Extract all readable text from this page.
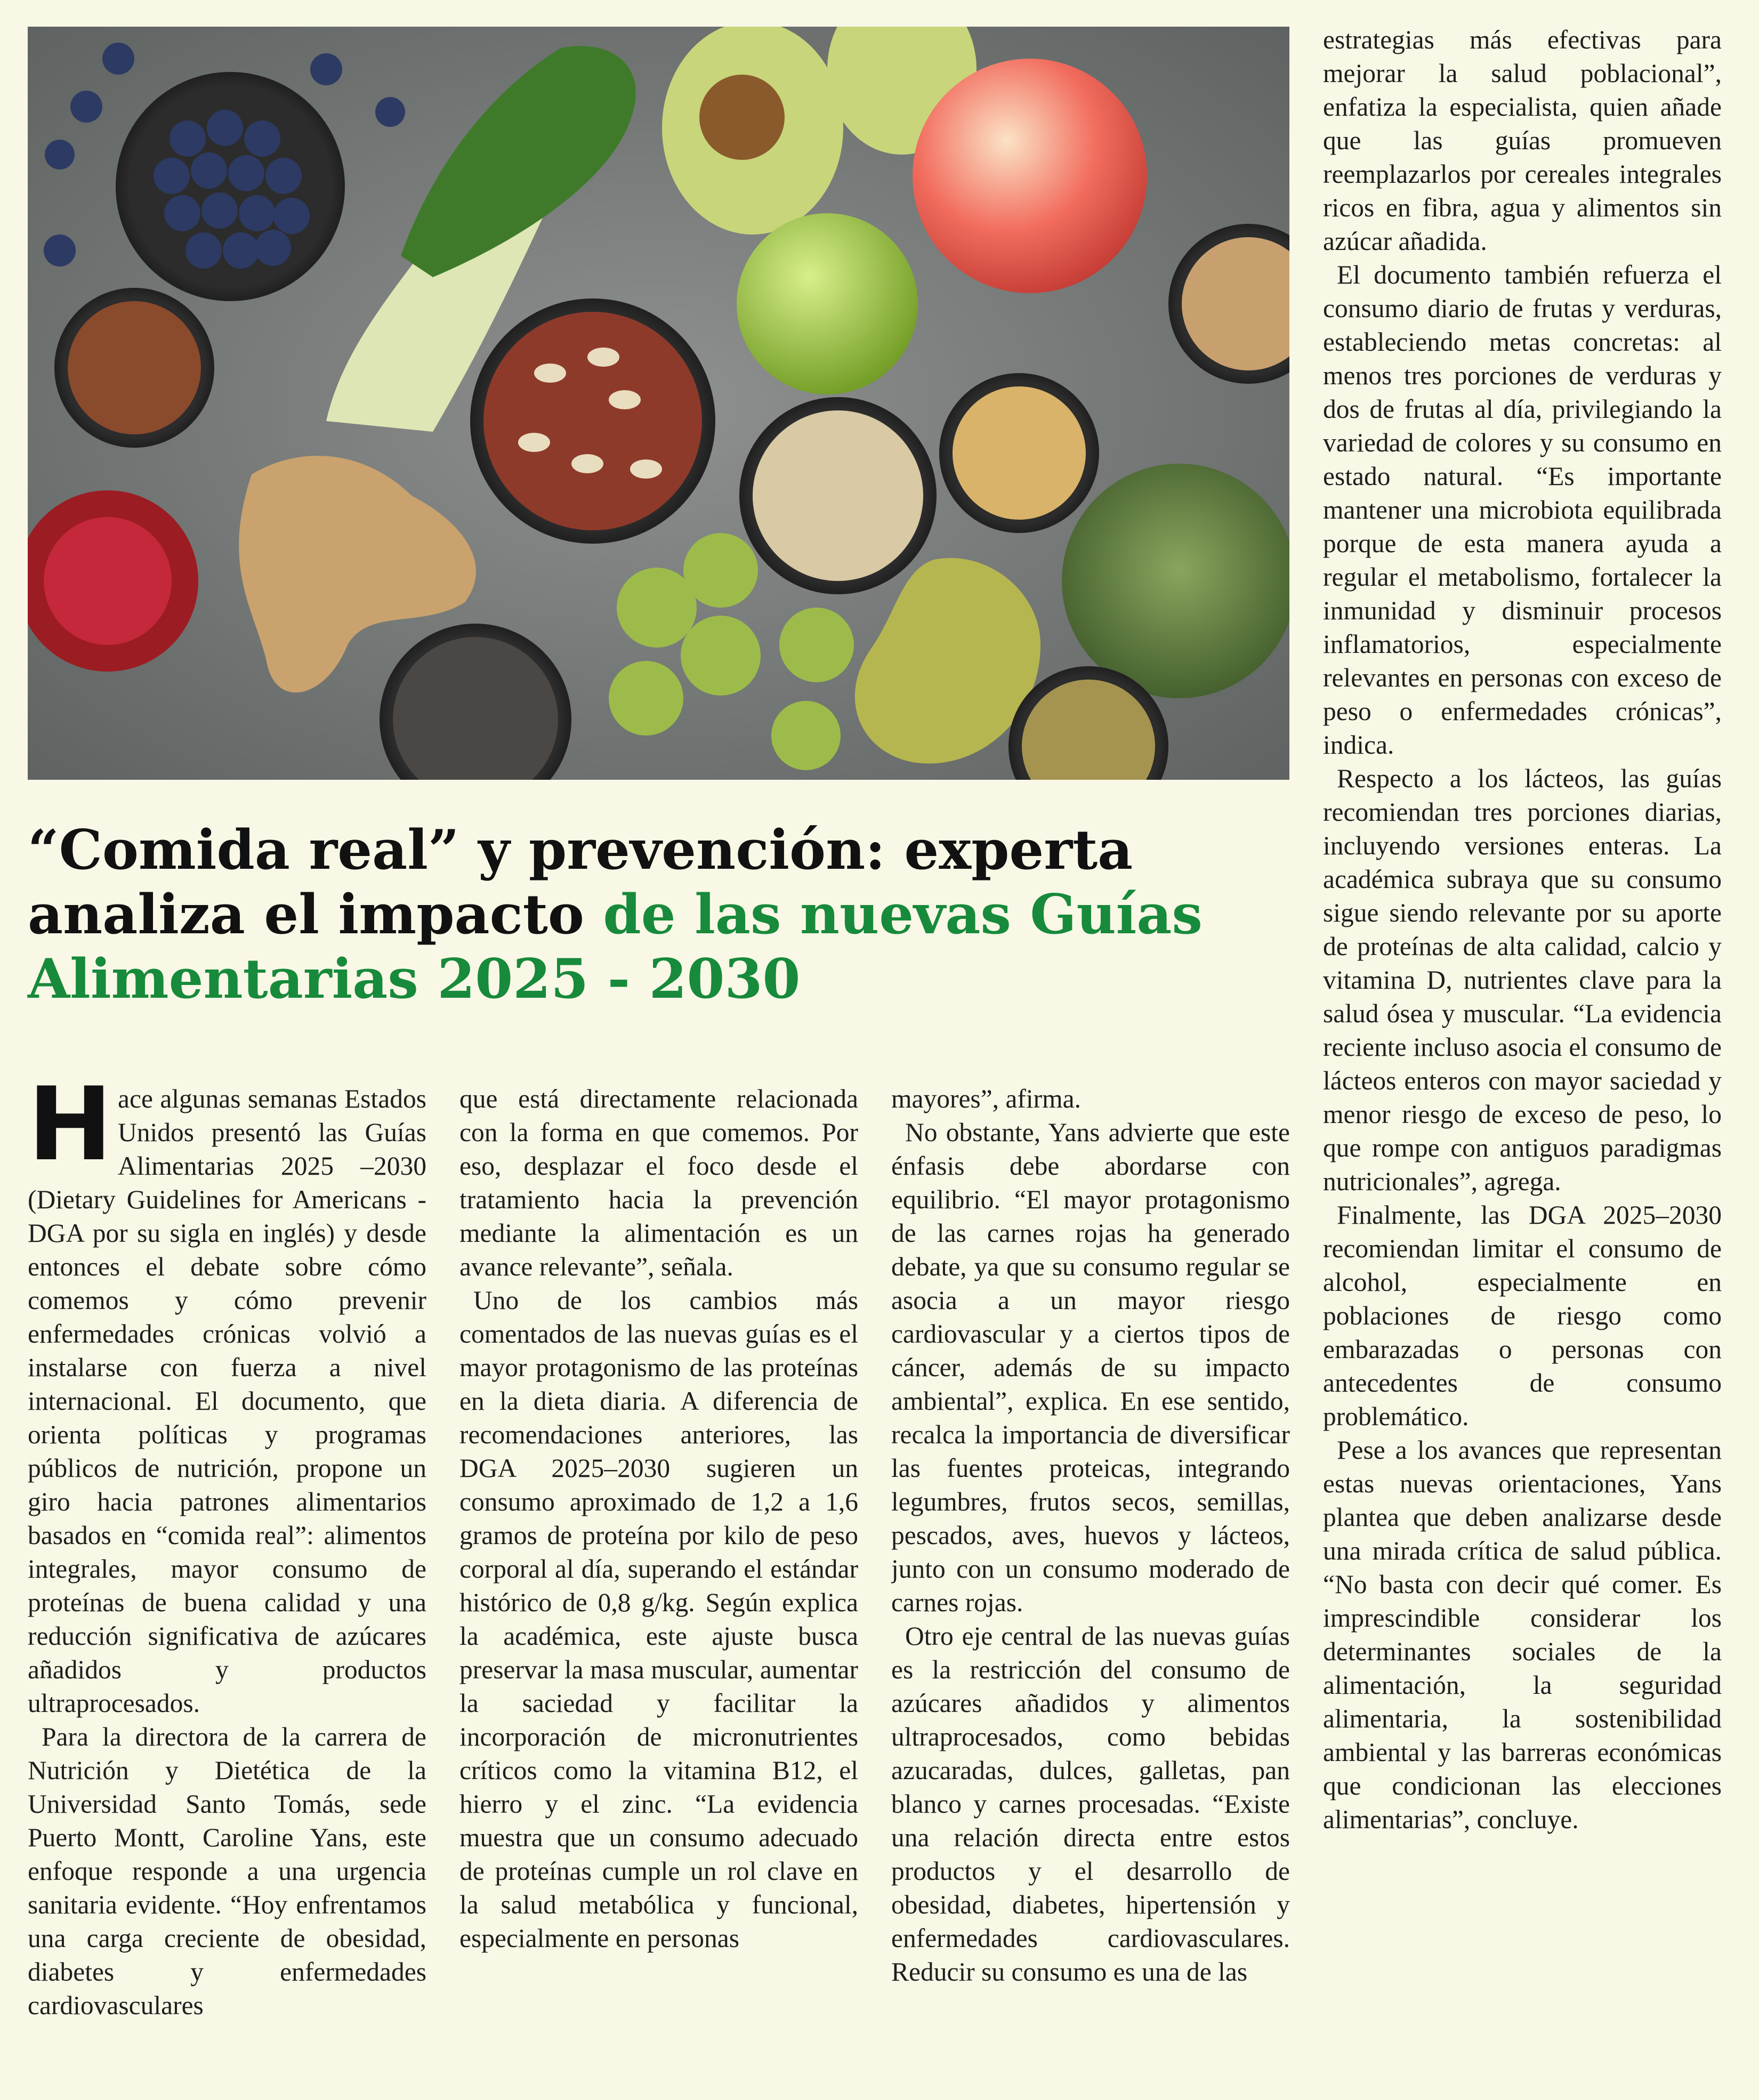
“Comida real” y prevención: experta analiza el impacto de las nuevas Guías Alimentarias 2025 - 2030

Hace algunas semanas Estados Unidos presentó las Guías Alimentarias 2025 –2030 (Dietary Guidelines for Americans - DGA por su sigla en inglés) y desde entonces el debate sobre cómo comemos y cómo prevenir enfermedades crónicas volvió a instalarse con fuerza a nivel internacional. El documento, que orienta políticas y programas públicos de nutrición, propone un giro hacia patrones alimentarios basados en “comida real”: alimentos integrales, mayor consumo de proteínas de buena calidad y una reducción significativa de azúcares añadidos y productos ultraprocesados.

Para la directora de la carrera de Nutrición y Dietética de la Universidad Santo Tomás, sede Puerto Montt, Caroline Yans, este enfoque responde a una urgencia sanitaria evidente. “Hoy enfrentamos una carga creciente de obesidad, diabetes y enfermedades cardiovasculares

que está directamente relacionada con la forma en que comemos. Por eso, desplazar el foco desde el tratamiento hacia la prevención mediante la alimentación es un avance relevante”, señala.

Uno de los cambios más comentados de las nuevas guías es el mayor protagonismo de las proteínas en la dieta diaria. A diferencia de recomendaciones anteriores, las DGA 2025–2030 sugieren un consumo aproximado de 1,2 a 1,6 gramos de proteína por kilo de peso corporal al día, superando el estándar histórico de 0,8 g/kg. Según explica la académica, este ajuste busca preservar la masa muscular, aumentar la saciedad y facilitar la incorporación de micronutrientes críticos como la vitamina B12, el hierro y el zinc. “La evidencia muestra que un consumo adecuado de proteínas cumple un rol clave en la salud metabólica y funcional, especialmente en personas

mayores”, afirma.

No obstante, Yans advierte que este énfasis debe abordarse con equilibrio. “El mayor protagonismo de las carnes rojas ha generado debate, ya que su consumo regular se asocia a un mayor riesgo cardiovascular y a ciertos tipos de cáncer, además de su impacto ambiental”, explica. En ese sentido, recalca la importancia de diversificar las fuentes proteicas, integrando legumbres, frutos secos, semillas, pescados, aves, huevos y lácteos, junto con un consumo moderado de carnes rojas.

Otro eje central de las nuevas guías es la restricción del consumo de azúcares añadidos y alimentos ultraprocesados, como bebidas azucaradas, dulces, galletas, pan blanco y carnes procesadas. “Existe una relación directa entre estos productos y el desarrollo de obesidad, diabetes, hipertensión y enfermedades cardiovasculares. Reducir su consumo es una de las

estrategias más efectivas para mejorar la salud poblacional”, enfatiza la especialista, quien añade que las guías promueven reemplazarlos por cereales integrales ricos en fibra, agua y alimentos sin azúcar añadida.

El documento también refuerza el consumo diario de frutas y verduras, estableciendo metas concretas: al menos tres porciones de verduras y dos de frutas al día, privilegiando la variedad de colores y su consumo en estado natural. “Es importante mantener una microbiota equilibrada porque de esta manera ayuda a regular el metabolismo, fortalecer la inmunidad y disminuir procesos inflamatorios, especialmente relevantes en personas con exceso de peso o enfermedades crónicas”, indica.

Respecto a los lácteos, las guías recomiendan tres porciones diarias, incluyendo versiones enteras. La académica subraya que su consumo sigue siendo relevante por su aporte de proteínas de alta calidad, calcio y vitamina D, nutrientes clave para la salud ósea y muscular. “La evidencia reciente incluso asocia el consumo de lácteos enteros con mayor saciedad y menor riesgo de exceso de peso, lo que rompe con antiguos paradigmas nutricionales”, agrega.

Finalmente, las DGA 2025–2030 recomiendan limitar el consumo de alcohol, especialmente en poblaciones de riesgo como embarazadas o personas con antecedentes de consumo problemático.

Pese a los avances que representan estas nuevas orientaciones, Yans plantea que deben analizarse desde una mirada crítica de salud pública. “No basta con decir qué comer. Es imprescindible considerar los determinantes sociales de la alimentación, la seguridad alimentaria, la sostenibilidad ambiental y las barreras económicas que condicionan las elecciones alimentarias”, concluye.
